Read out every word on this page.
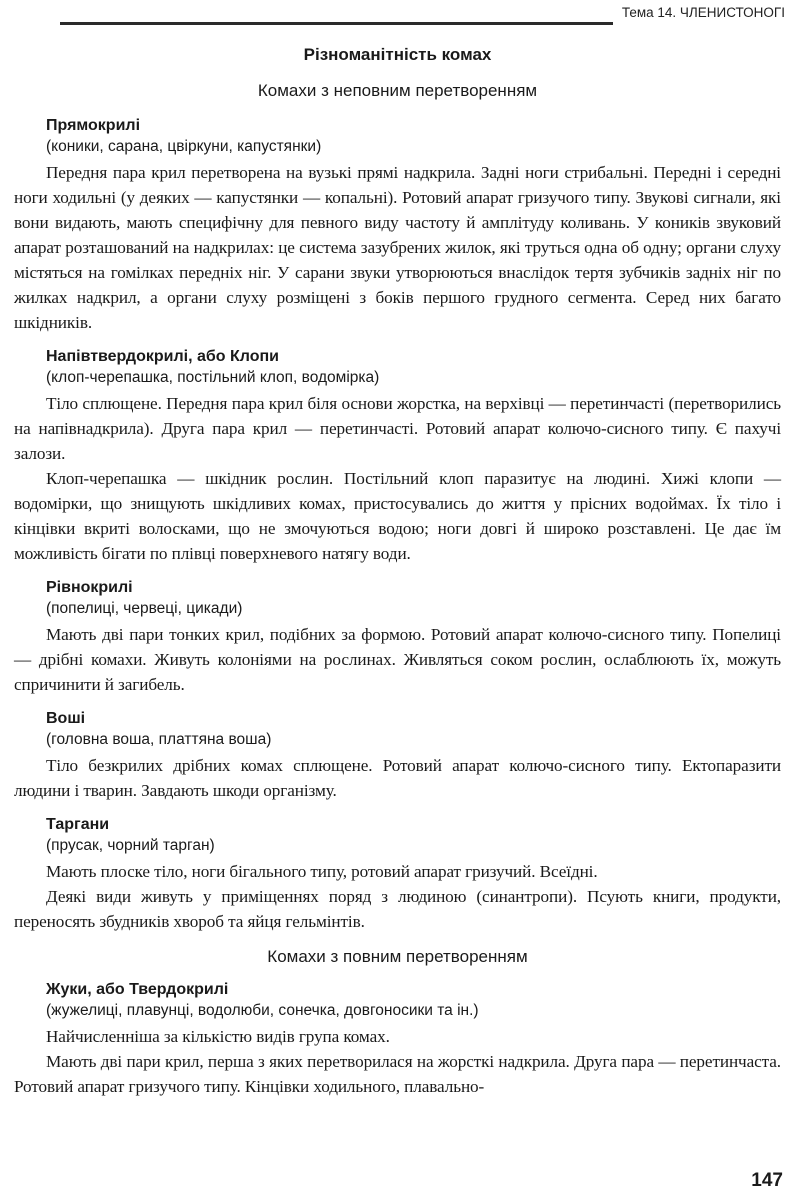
Тема 14. ЧЛЕНИСТОНОГІ
Різноманітність комах
Комахи з неповним перетворенням
Прямокрилі
(коники, сарана, цвіркуни, капустянки)

Передня пара крил перетворена на вузькі прямі надкрила. Задні ноги стрибальні. Передні і середні ноги ходильні (у деяких — капустянки — копальні). Ротовий апарат гризучого типу. Звукові сигнали, які вони видають, мають специфічну для певного виду частоту й амплітуду коливань. У коників звуковий апарат розташований на надкрилах: це система зазубрених жилок, які труться одна об одну; органи слуху містяться на гомілках передніх ніг. У сарани звуки утворюються внаслідок тертя зубчиків задніх ніг по жилках надкрил, а органи слуху розміщені з боків першого грудного сегмента. Серед них багато шкідників.

Напівтвердокрилі, або Клопи
(клоп-черепашка, постільний клоп, водомірка)

Тіло сплющене. Передня пара крил біля основи жорстка, на верхівці — перетинчасті (перетворились на напівнадкрила). Друга пара крил — перетинчасті. Ротовий апарат колючо-сисного типу. Є пахучі залози.

Клоп-черепашка — шкідник рослин. Постільний клоп паразитує на людині. Хижі клопи — водомірки, що знищують шкідливих комах, пристосувались до життя у прісних водоймах. Їх тіло і кінцівки вкриті волосками, що не змочуються водою; ноги довгі й широко розставлені. Це дає їм можливість бігати по плівці поверхневого натягу води.

Рівнокрилі
(попелиці, червеці, цикади)

Мають дві пари тонких крил, подібних за формою. Ротовий апарат колючо-сисного типу. Попелиці — дрібні комахи. Живуть колоніями на рослинах. Живляться соком рослин, ослаблюють їх, можуть спричинити й загибель.

Воші
(головна воша, платтяна воша)

Тіло безкрилих дрібних комах сплющене. Ротовий апарат колючо-сисного типу. Ектопаразити людини і тварин. Завдають шкоди організму.

Таргани
(прусак, чорний тарган)

Мають плоске тіло, ноги бігального типу, ротовий апарат гризучий. Всеїдні.

Деякі види живуть у приміщеннях поряд з людиною (синантропи). Псують книги, продукти, переносять збудників хвороб та яйця гельмінтів.

Комахи з повним перетворенням
Жуки, або Твердокрилі
(жужелиці, плавунці, водолюби, сонечка, довгоносики та ін.)

Найчисленніша за кількістю видів група комах.

Мають дві пари крил, перша з яких перетворилася на жорсткі надкрила. Друга пара — перетинчаста. Ротовий апарат гризучого типу. Кінцівки ходильного, плавально-

147
